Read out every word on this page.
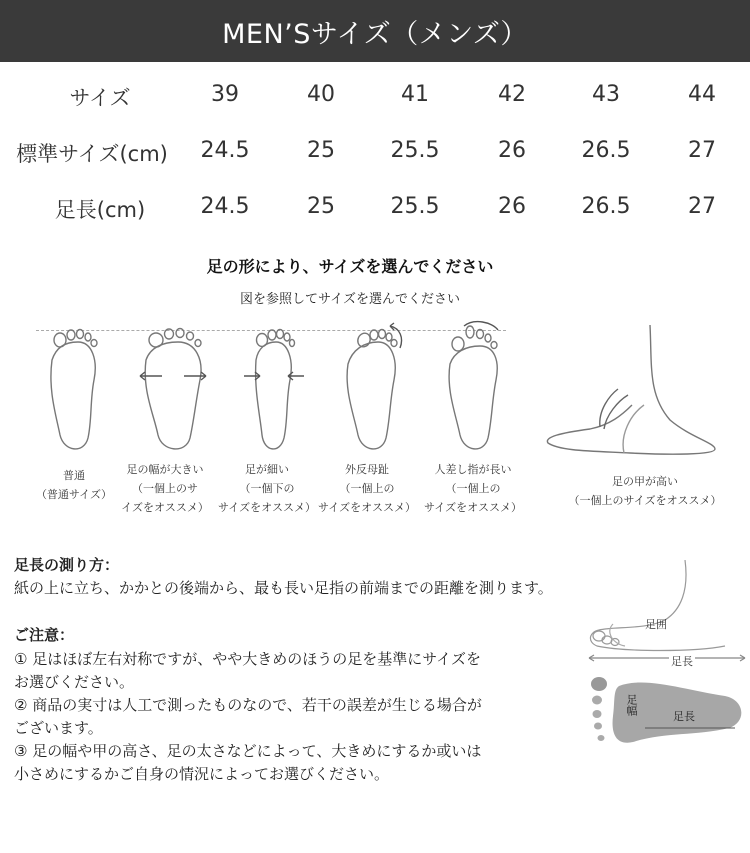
MEN’Sサイズ（メンズ）
サイズ	39	40	41	42	43	44
標準サイズ(cm)	24.5	25	25.5	26	26.5	27
足長(cm)	24.5	25	25.5	26	26.5	27
足の形により、サイズを選んでください
図を参照してサイズを選んでください
普通
（普通サイズ）
足の幅が大きい
（一個上のサ
イズをオススメ）
足が細い
（一個下の
サイズをオススメ）
外反母趾
（一個上の
サイズをオススメ）
人差し指が長い
（一個上の
サイズをオススメ）
足の甲が高い
（一個上のサイズをオススメ）
足長の測り方：
紙の上に立ち、かかとの後端から、最も長い足指の前端までの距離を測ります。
ご注意：
① 足はほぼ左右対称ですが、やや大きめのほうの足を基準にサイズを
お選びください。
② 商品の実寸は人工で測ったものなので、若干の誤差が生じる場合が
ございます。
③ 足の幅や甲の高さ、足の太さなどによって、大きめにするか或いは
小さめにするかご自身の情況によってお選びください。
足囲
足長
足幅
足長
